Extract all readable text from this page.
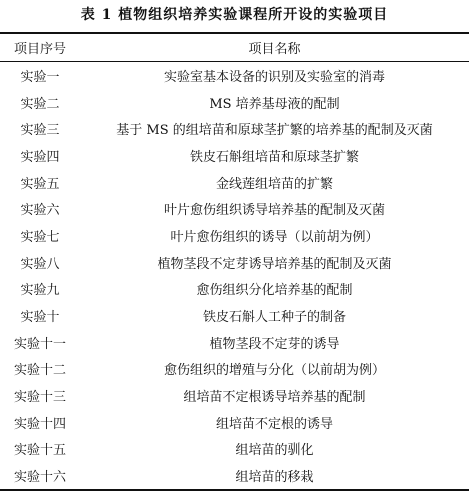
表 1 植物组织培养实验课程所开设的实验项目
项目序号	项目名称
实验一	实验室基本设备的识别及实验室的消毒
实验二	MS 培养基母液的配制
实验三	基于 MS 的组培苗和原球茎扩繁的培养基的配制及灭菌
实验四	铁皮石斛组培苗和原球茎扩繁
实验五	金线莲组培苗的扩繁
实验六	叶片愈伤组织诱导培养基的配制及灭菌
实验七	叶片愈伤组织的诱导（以前胡为例）
实验八	植物茎段不定芽诱导培养基的配制及灭菌
实验九	愈伤组织分化培养基的配制
实验十	铁皮石斛人工种子的制备
实验十一	植物茎段不定芽的诱导
实验十二	愈伤组织的增殖与分化（以前胡为例）
实验十三	组培苗不定根诱导培养基的配制
实验十四	组培苗不定根的诱导
实验十五	组培苗的驯化
实验十六	组培苗的移栽
